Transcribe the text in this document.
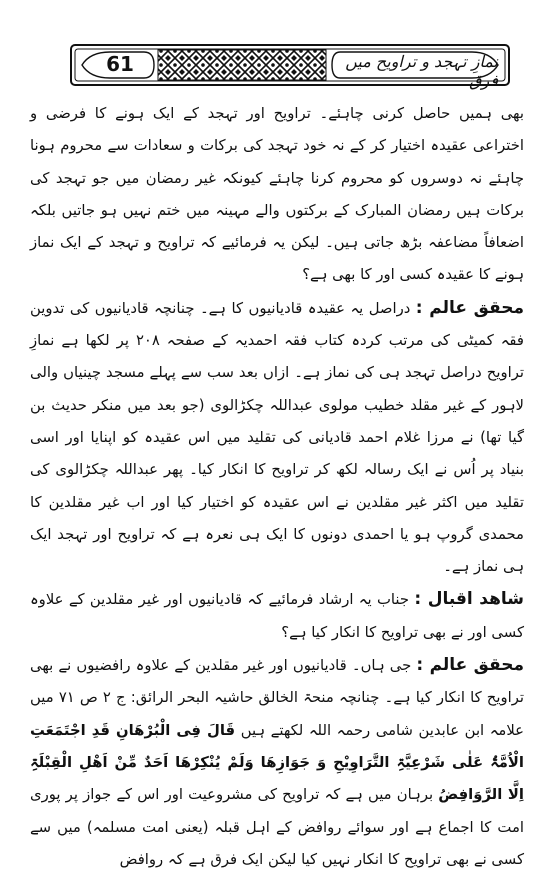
61	نمازِ تہجد و تراویح میں فرق

بھی ہمیں حاصل کرنی چاہئے۔ تراویح اور تہجد کے ایک ہونے کا فرضی و اختراعی عقیدہ اختیار کر کے نہ خود تہجد کی برکات و سعادات سے محروم ہونا چاہئے نہ دوسروں کو محروم کرنا چاہئے کیونکہ غیر رمضان میں جو تہجد کی برکات ہیں رمضان المبارک کے برکتوں والے مہینہ میں ختم نہیں ہو جاتیں بلکہ اضعافاً مضاعفہ بڑھ جاتی ہیں۔ لیکن یہ فرمائیے کہ تراویح و تہجد کے ایک نماز ہونے کا عقیدہ کسی اور کا بھی ہے؟

محقق عالم : دراصل یہ عقیدہ قادیانیوں کا ہے۔ چنانچہ قادیانیوں کی تدوین فقہ کمیٹی کی مرتب کردہ کتاب فقہ احمدیہ کے صفحہ ۲۰۸ پر لکھا ہے نمازِ تراویح دراصل تہجد ہی کی نماز ہے۔ ازاں بعد سب سے پہلے مسجد چینیاں والی لاہور کے غیر مقلد خطیب مولوی عبداللہ چکڑالوی (جو بعد میں منکر حدیث بن گیا تھا) نے مرزا غلام احمد قادیانی کی تقلید میں اس عقیدہ کو اپنایا اور اسی بنیاد پر اُس نے ایک رسالہ لکھ کر تراویح کا انکار کیا۔ پھر عبداللہ چکڑالوی کی تقلید میں اکثر غیر مقلدین نے اس عقیدہ کو اختیار کیا اور اب غیر مقلدین کا محمدی گروپ ہو یا احمدی دونوں کا ایک ہی نعرہ ہے کہ تراویح اور تہجد ایک ہی نماز ہے۔

شاھد اقبال : جناب یہ ارشاد فرمائیے کہ قادیانیوں اور غیر مقلدین کے علاوہ کسی اور نے بھی تراویح کا انکار کیا ہے؟

محقق عالم : جی ہاں۔ قادیانیوں اور غیر مقلدین کے علاوہ رافضیوں نے بھی تراویح کا انکار کیا ہے۔ چنانچہ منحۃ الخالق حاشیہ البحر الرائق: ج ۲ ص ۷۱ میں علامہ ابن عابدین شامی رحمہ اللہ لکھتے ہیں قَالَ فِی الْبُرْھَانِ قَدِ اجْتَمَعَتِ الْاُمَّۃُ عَلٰی شَرْعِیَّۃِ التَّرَاوِیْحِ وَ جَوَازِھَا وَلَمْ یُنْکِرْھَا اَحَدٌ مِّنْ اَھْلِ الْقِبْلَۃِ اِلَّا الرَّوَافِضُ برہان میں ہے کہ تراویح کی مشروعیت اور اس کے جواز پر پوری امت کا اجماع ہے اور سوائے روافض کے اہل قبلہ (یعنی امت مسلمہ) میں سے کسی نے بھی تراویح کا انکار نہیں کیا لیکن ایک فرق ہے کہ روافض
